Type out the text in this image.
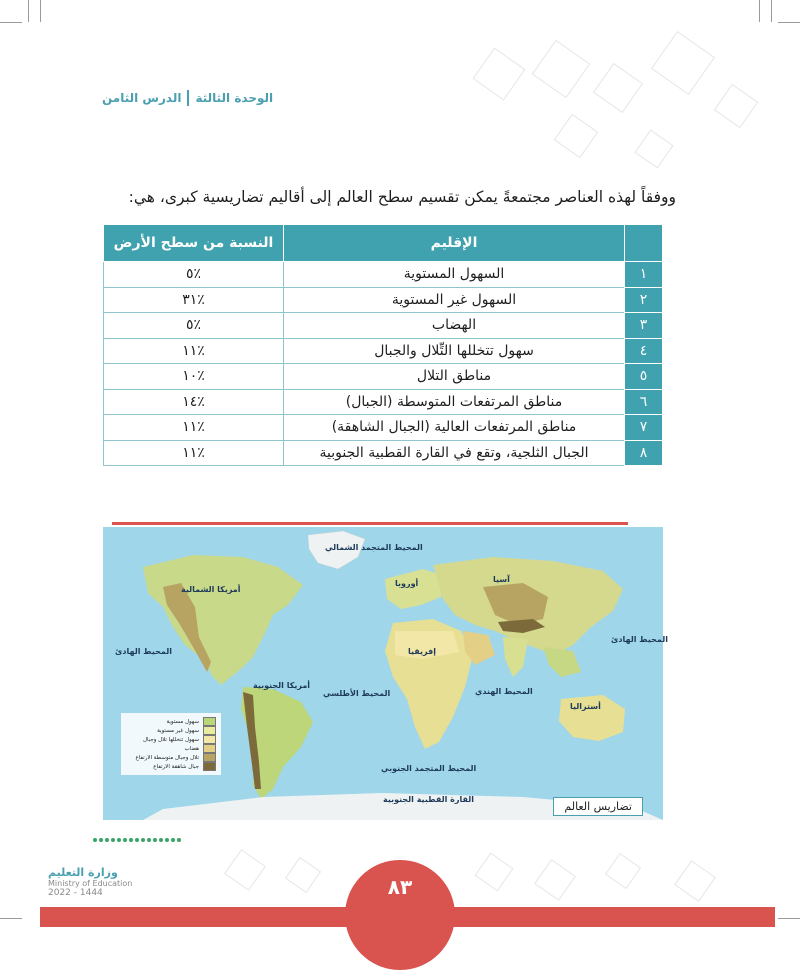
الوحدة الثالثة
الدرس الثامن
ووفقاً لهذه العناصر مجتمعةً يمكن تقسيم سطح العالم إلى أقاليم تضاريسية كبرى، هي:
	الإقليم	النسبة من سطح الأرض
١	السهول المستوية	٪٥
٢	السهول غير المستوية	٪٣١
٣	الهضاب	٪٥
٤	سهول تتخللها التِّلال والجبال	٪١١
٥	مناطق التلال	٪١٠
٦	مناطق المرتفعات المتوسطة (الجبال)	٪١٤
٧	مناطق المرتفعات العالية (الجبال الشاهقة)	٪١١
٨	الجبال الثلجية، وتقع في القارة القطبية الجنوبية	٪١١
المحيط المتجمد الشمالي
أمريكا الشمالية
أوروبا	آسيا
المحيط الهادئ
المحيط الهادئ
إفريقيا
أمريكا الجنوبية
المحيط الأطلسي	المحيط الهندي
أستراليا
المحيط المتجمد الجنوبي
القارة القطبية الجنوبية
سهول مستوية
سهول غير مستوية
سهول تتخللها تلال وجبال
هضاب
تلال وجبال متوسطة الارتفاع
جبال شاهقة الارتفاع
تضاريس العالم
وزارة التعليم
Ministry of Education
2022 - 1444	٨٣
